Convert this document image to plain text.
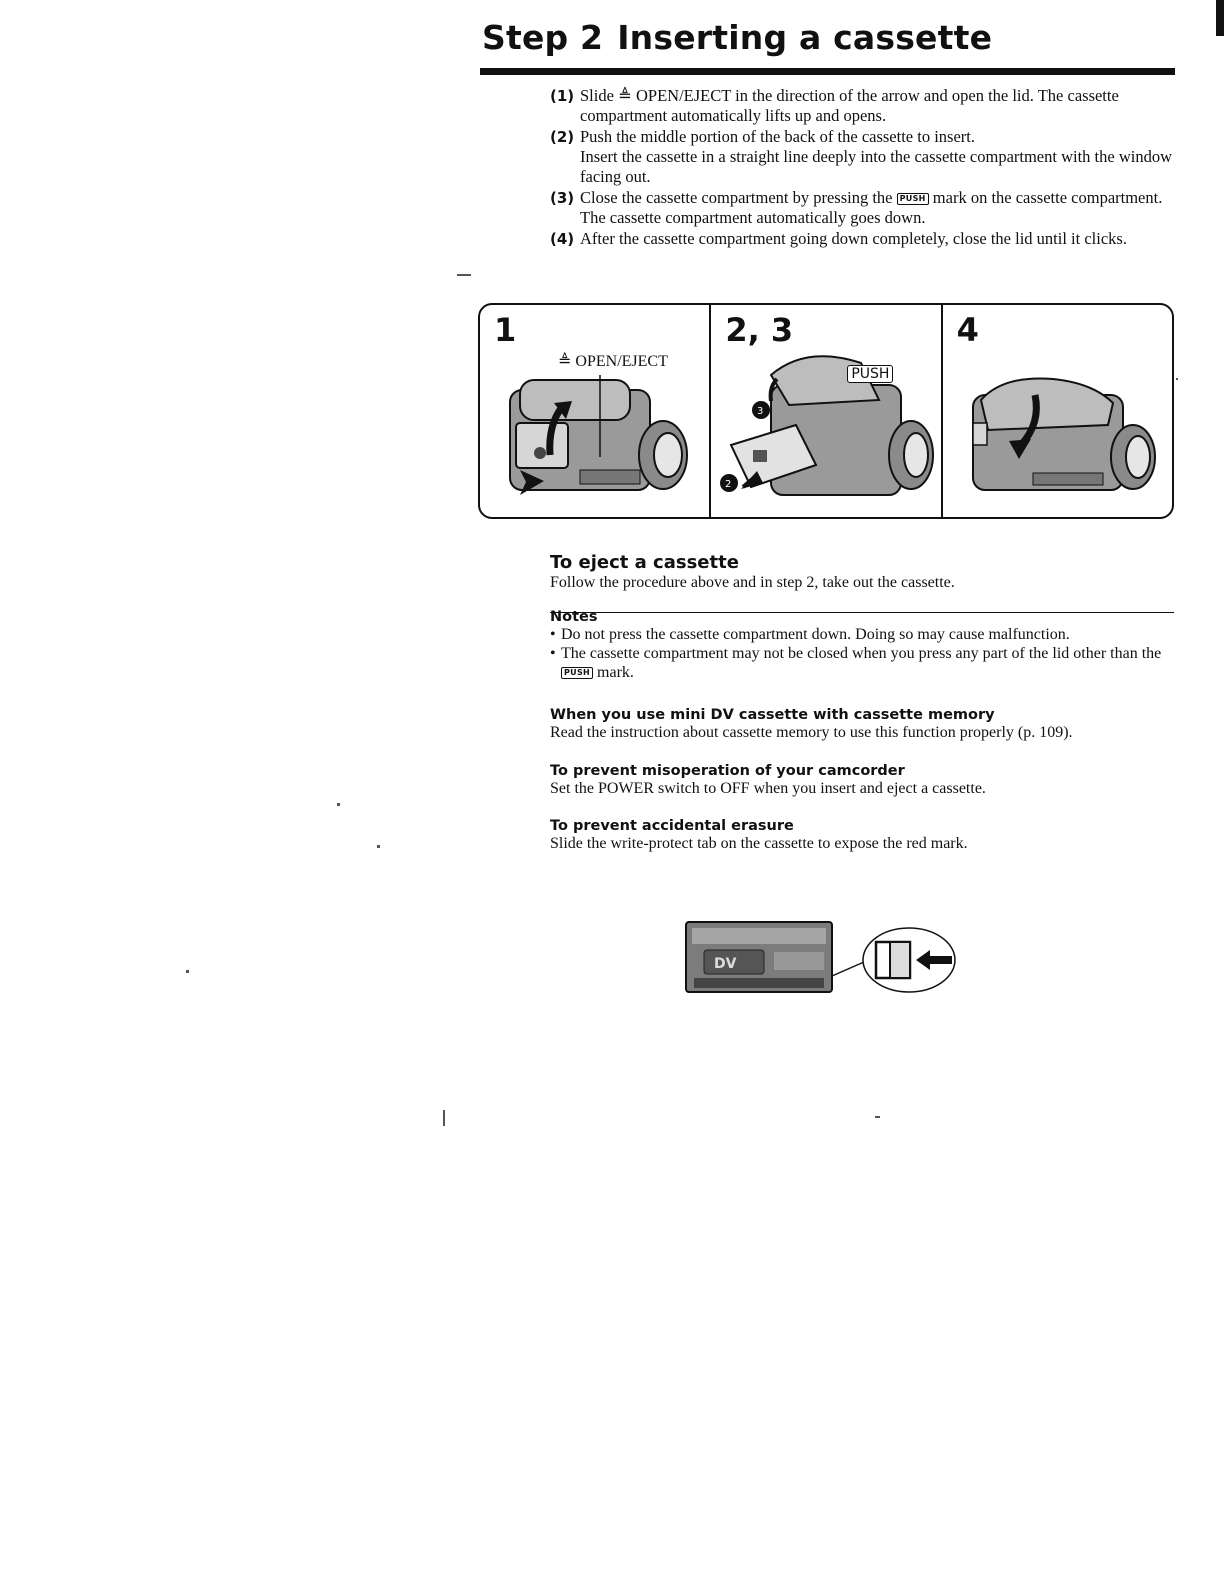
Step 2 Inserting a cassette
(1) Slide ≜ OPEN/EJECT in the direction of the arrow and open the lid. The cassette compartment automatically lifts up and opens.

(2) Push the middle portion of the back of the cassette to insert.

Insert the cassette in a straight line deeply into the cassette compartment with the window facing out.

(3) Close the cassette compartment by pressing the PUSH mark on the cassette compartment. The cassette compartment automatically goes down.

(4) After the cassette compartment going down completely, close the lid until it clicks.

1
≜ OPEN/EJECT
3
2
2, 3
PUSH
4
To eject a cassette
Follow the procedure above and in step 2, take out the cassette.
Notes
• Do not press the cassette compartment down. Doing so may cause malfunction.
• The cassette compartment may not be closed when you press any part of the lid other than the PUSH mark.
When you use mini DV cassette with cassette memory
Read the instruction about cassette memory to use this function properly (p. 109).
To prevent misoperation of your camcorder
Set the POWER switch to OFF when you insert and eject a cassette.
To prevent accidental erasure
Slide the write-protect tab on the cassette to expose the red mark.
DV
